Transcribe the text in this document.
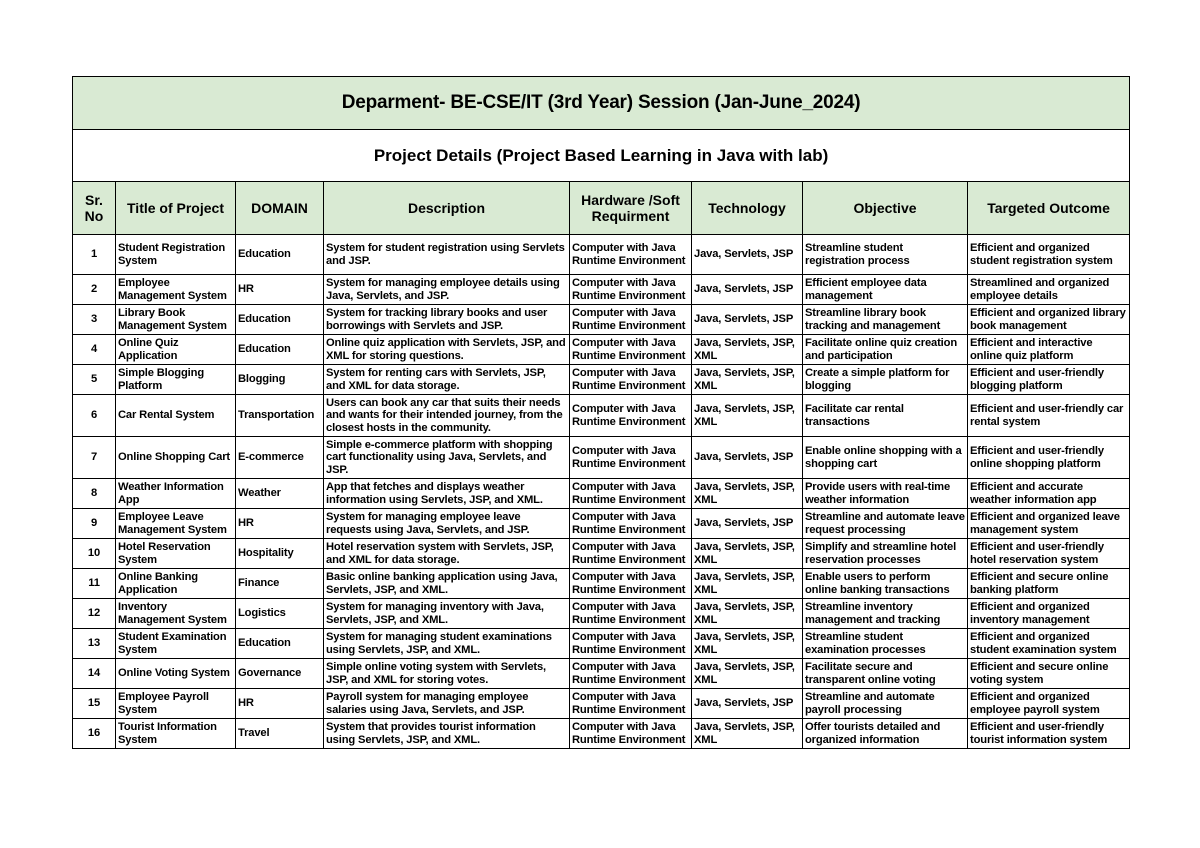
Deparment- BE-CSE/IT (3rd Year) Session (Jan-June_2024)							
Project Details (Project Based Learning in Java with lab)							
Sr. No	Title of Project	DOMAIN	Description	Hardware /Soft Requirment	Technology	Objective	Targeted Outcome
1	Student Registration System	Education	System for student registration using Servlets and JSP.	Computer with Java Runtime Environment	Java, Servlets, JSP	Streamline student registration process	Efficient and organized student registration system
2	Employee Management System	HR	System for managing employee details using Java, Servlets, and JSP.	Computer with Java Runtime Environment	Java, Servlets, JSP	Efficient employee data management	Streamlined and organized employee details
3	Library Book Management System	Education	System for tracking library books and user borrowings with Servlets and JSP.	Computer with Java Runtime Environment	Java, Servlets, JSP	Streamline library book tracking and management	Efficient and organized library book management
4	Online Quiz Application	Education	Online quiz application with Servlets, JSP, and XML for storing questions.	Computer with Java Runtime Environment	Java, Servlets, JSP, XML	Facilitate online quiz creation and participation	Efficient and interactive online quiz platform
5	Simple Blogging Platform	Blogging	System for renting cars with Servlets, JSP, and XML for data storage.	Computer with Java Runtime Environment	Java, Servlets, JSP, XML	Create a simple platform for blogging	Efficient and user-friendly blogging platform
6	Car Rental System	Transportation	Users can book any car that suits their needs and wants for their intended journey, from the closest hosts in the community.	Computer with Java Runtime Environment	Java, Servlets, JSP, XML	Facilitate car rental transactions	Efficient and user-friendly car rental system
7	Online Shopping Cart	E-commerce	Simple e-commerce platform with shopping cart functionality using Java, Servlets, and JSP.	Computer with Java Runtime Environment	Java, Servlets, JSP	Enable online shopping with a shopping cart	Efficient and user-friendly online shopping platform
8	Weather Information App	Weather	App that fetches and displays weather information using Servlets, JSP, and XML.	Computer with Java Runtime Environment	Java, Servlets, JSP, XML	Provide users with real-time weather information	Efficient and accurate weather information app
9	Employee Leave Management System	HR	System for managing employee leave requests using Java, Servlets, and JSP.	Computer with Java Runtime Environment	Java, Servlets, JSP	Streamline and automate leave request processing	Efficient and organized leave management system
10	Hotel Reservation System	Hospitality	Hotel reservation system with Servlets, JSP, and XML for data storage.	Computer with Java Runtime Environment	Java, Servlets, JSP, XML	Simplify and streamline hotel reservation processes	Efficient and user-friendly hotel reservation system
11	Online Banking Application	Finance	Basic online banking application using Java, Servlets, JSP, and XML.	Computer with Java Runtime Environment	Java, Servlets, JSP, XML	Enable users to perform online banking transactions	Efficient and secure online banking platform
12	Inventory Management System	Logistics	System for managing inventory with Java, Servlets, JSP, and XML.	Computer with Java Runtime Environment	Java, Servlets, JSP, XML	Streamline inventory management and tracking	Efficient and organized inventory management
13	Student Examination System	Education	System for managing student examinations using Servlets, JSP, and XML.	Computer with Java Runtime Environment	Java, Servlets, JSP, XML	Streamline student examination processes	Efficient and organized student examination system
14	Online Voting System	Governance	Simple online voting system with Servlets, JSP, and XML for storing votes.	Computer with Java Runtime Environment	Java, Servlets, JSP, XML	Facilitate secure and transparent online voting	Efficient and secure online voting system
15	Employee Payroll System	HR	Payroll system for managing employee salaries using Java, Servlets, and JSP.	Computer with Java Runtime Environment	Java, Servlets, JSP	Streamline and automate payroll processing	Efficient and organized employee payroll system
16	Tourist Information System	Travel	System that provides tourist information using Servlets, JSP, and XML.	Computer with Java Runtime Environment	Java, Servlets, JSP, XML	Offer tourists detailed and organized information	Efficient and user-friendly tourist information system
